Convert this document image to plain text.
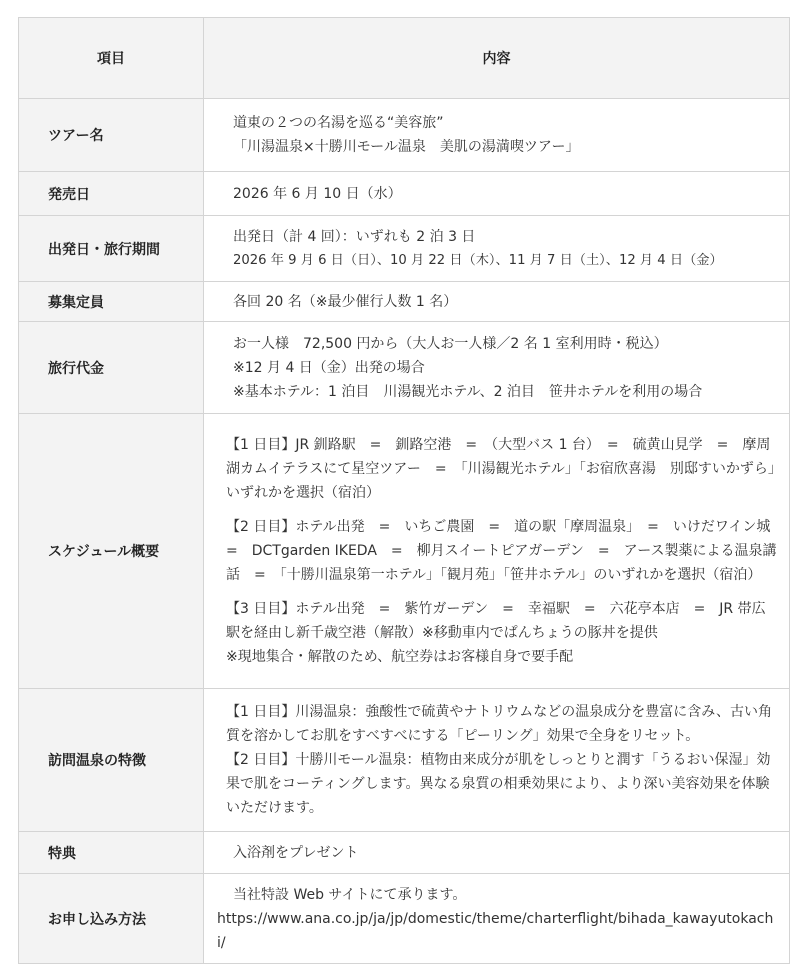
項目	内容
ツアー名	道東の２つの名湯を巡る“美容旅”
「川湯温泉×十勝川モール温泉　美肌の湯満喫ツアー」

発売日	2026 年 6 月 10 日（水）

出発日・旅行期間	出発日（計 4 回）：いずれも 2 泊 3 日
2026 年 9 月 6 日（日）、10 月 22 日（木）、11 月 7 日（土）、12 月 4 日（金）

募集定員	各回 20 名（※最少催行人数 1 名）

旅行代金	お一人様　72,500 円から（大人お一人様／2 名 1 室利用時・税込）
※12 月 4 日（金）出発の場合
※基本ホテル：1 泊目　川湯観光ホテル、2 泊目　笹井ホテルを利用の場合

スケジュール概要	【1 日目】JR 釧路駅　=　釧路空港　=　（大型バス 1 台）　=　硫黄山見学　=　摩周湖カムイテラスにて星空ツアー　=　「川湯観光ホテル」「お宿欣喜湯　別邸すいかずら」いずれかを選択（宿泊）
【2 日目】ホテル出発　=　いちご農園　=　道の駅「摩周温泉」　=　いけだワイン城　=　DCTgarden IKEDA　=　柳月スイートピアガーデン　=　アース製薬による温泉講話　=　「十勝川温泉第一ホテル」「観月苑」「笹井ホテル」のいずれかを選択（宿泊）
【3 日目】ホテル出発　=　紫竹ガーデン　=　幸福駅　=　六花亭本店　=　JR 帯広駅を経由し新千歳空港（解散）※移動車内でぱんちょうの豚丼を提供
※現地集合・解散のため、航空券はお客様自身で要手配

訪問温泉の特徴	【1 日目】川湯温泉：強酸性で硫黄やナトリウムなどの温泉成分を豊富に含み、古い角質を溶かしてお肌をすべすべにする「ピーリング」効果で全身をリセット。
【2 日目】十勝川モール温泉：植物由来成分が肌をしっとりと潤す「うるおい保湿」効果で肌をコーティングします。異なる泉質の相乗効果により、より深い美容効果を体験いただけます。

特典	入浴剤をプレゼント

お申し込み方法	当社特設 Web サイトにて承ります。
https://www.ana.co.jp/ja/jp/domestic/theme/charterflight/bihada_kawayutokachi/
